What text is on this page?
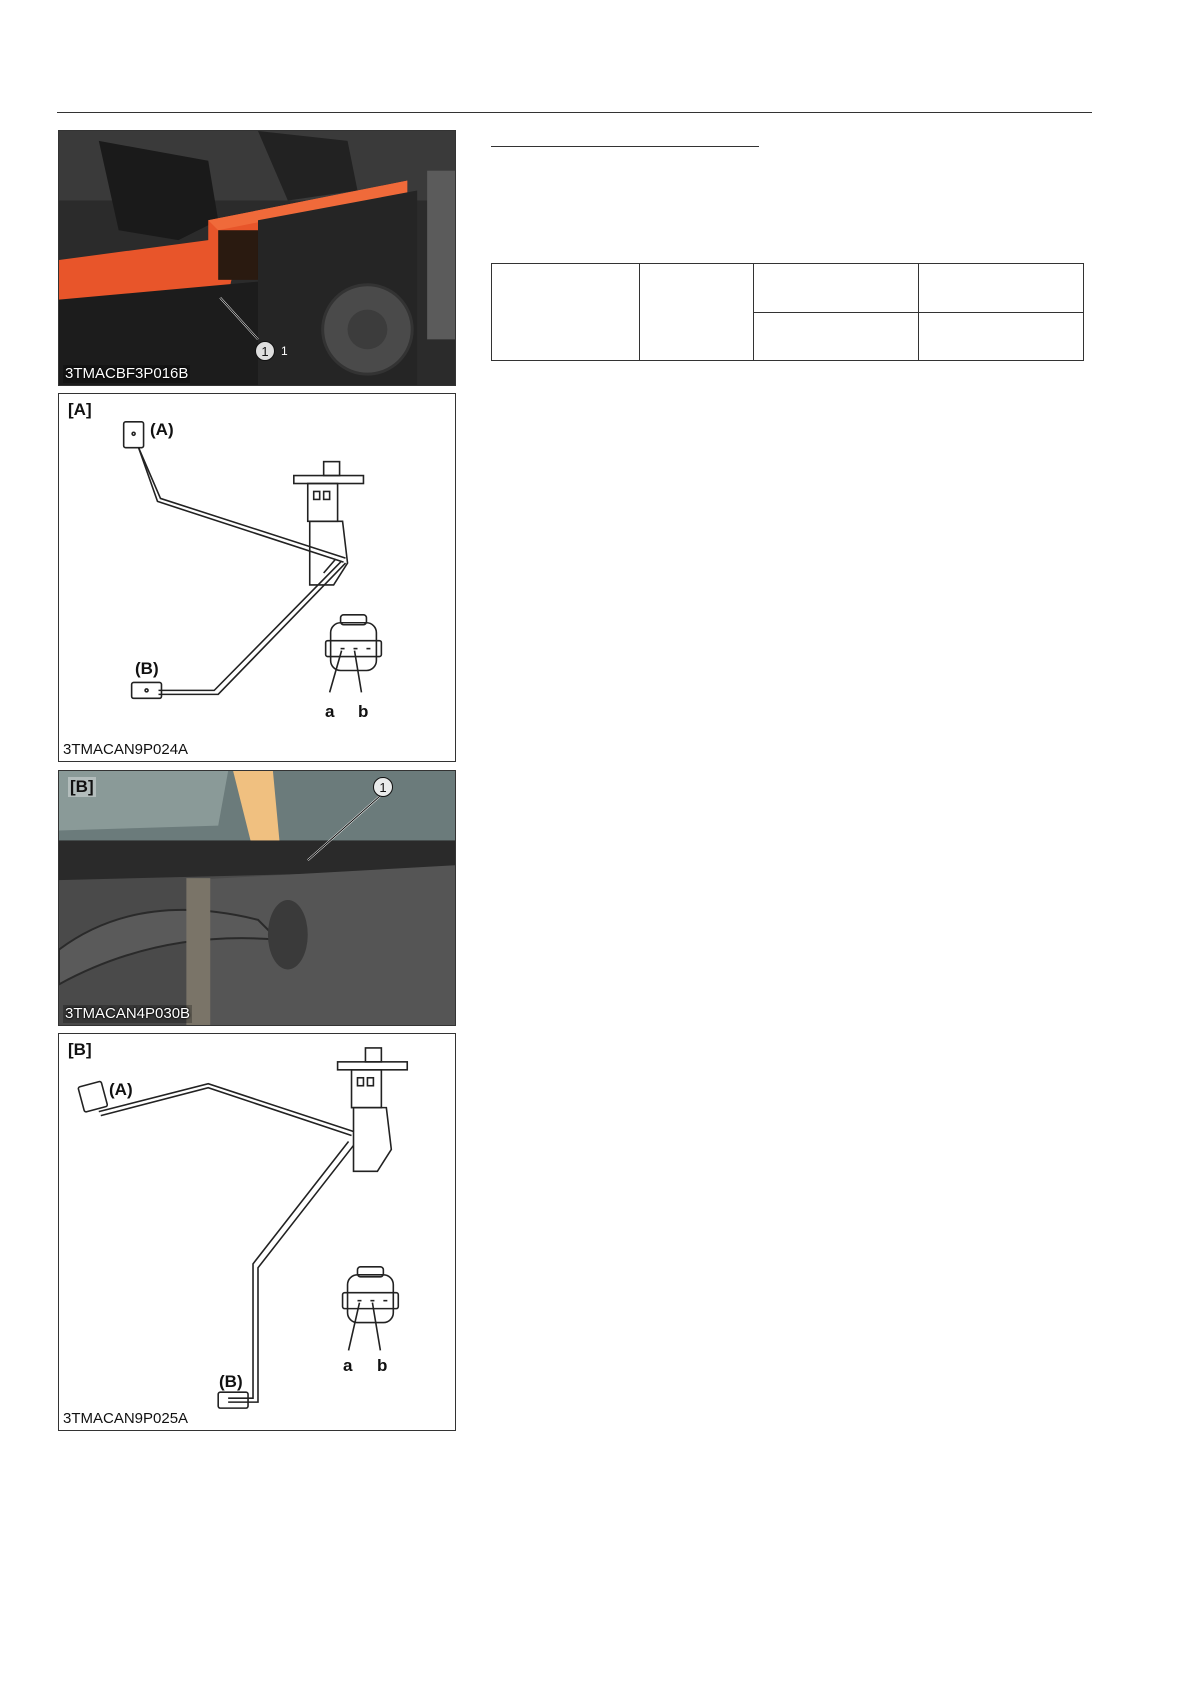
1	1
3TMACBF3P016B
[A]
(A)
(B)
a b
3TMACAN9P024A
[B]	1
3TMACAN4P030B
[B]
(A)
(B)
a b
3TMACAN9P025A
